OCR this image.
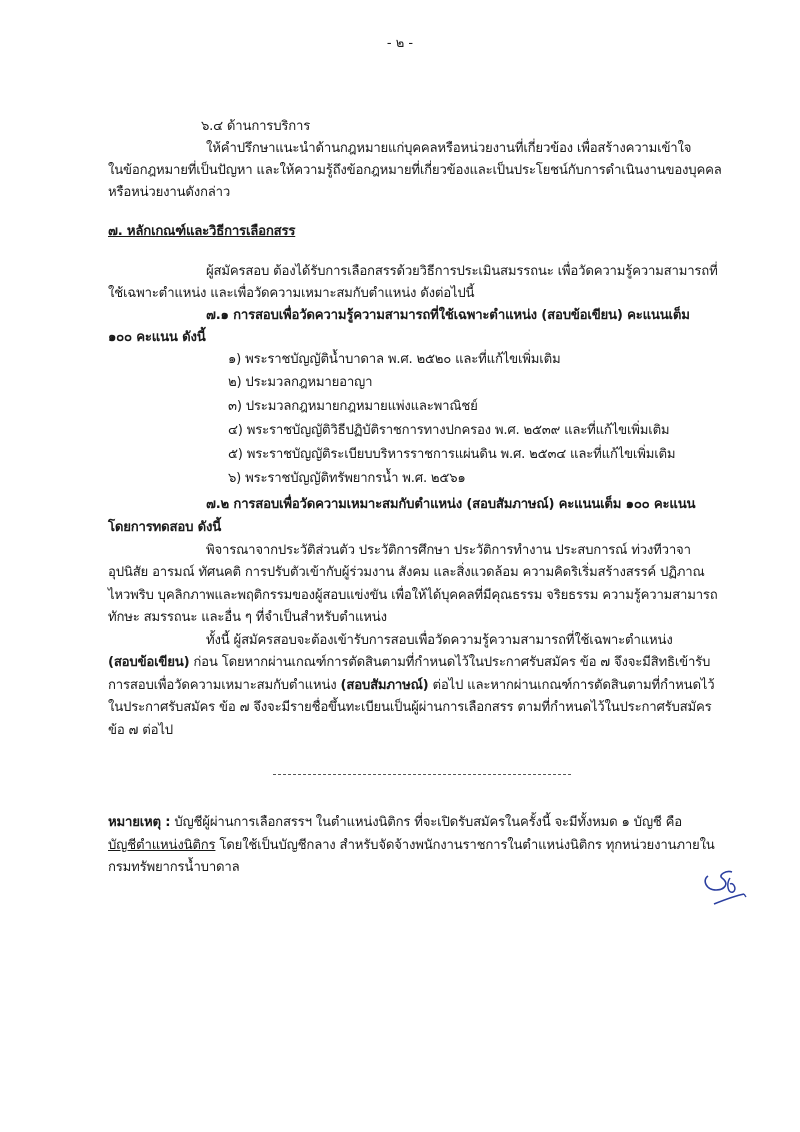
- ๒ -
๖.๔ ด้านการบริการ
ให้คำปรึกษาแนะนำด้านกฎหมายแก่บุคคลหรือหน่วยงานที่เกี่ยวข้อง เพื่อสร้างความเข้าใจ
ในข้อกฎหมายที่เป็นปัญหา และให้ความรู้ถึงข้อกฎหมายที่เกี่ยวข้องและเป็นประโยชน์กับการดำเนินงานของบุคคล
หรือหน่วยงานดังกล่าว
๗. หลักเกณฑ์และวิธีการเลือกสรร
ผู้สมัครสอบ ต้องได้รับการเลือกสรรด้วยวิธีการประเมินสมรรถนะ เพื่อวัดความรู้ความสามารถที่
ใช้เฉพาะตำแหน่ง และเพื่อวัดความเหมาะสมกับตำแหน่ง ดังต่อไปนี้
๗.๑ การสอบเพื่อวัดความรู้ความสามารถที่ใช้เฉพาะตำแหน่ง (สอบข้อเขียน) คะแนนเต็ม
๑๐๐ คะแนน ดังนี้
๑) พระราชบัญญัติน้ำบาดาล พ.ศ. ๒๕๒๐ และที่แก้ไขเพิ่มเติม
๒) ประมวลกฎหมายอาญา
๓) ประมวลกฎหมายกฎหมายแพ่งและพาณิชย์
๔) พระราชบัญญัติวิธีปฏิบัติราชการทางปกครอง พ.ศ. ๒๕๓๙ และที่แก้ไขเพิ่มเติม
๕) พระราชบัญญัติระเบียบบริหารราชการแผ่นดิน พ.ศ. ๒๕๓๔ และที่แก้ไขเพิ่มเติม
๖) พระราชบัญญัติทรัพยากรน้ำ พ.ศ. ๒๕๖๑
๗.๒ การสอบเพื่อวัดความเหมาะสมกับตำแหน่ง (สอบสัมภาษณ์) คะแนนเต็ม ๑๐๐ คะแนน
โดยการทดสอบ ดังนี้
พิจารณาจากประวัติส่วนตัว ประวัติการศึกษา ประวัติการทำงาน ประสบการณ์ ท่วงทีวาจา
อุปนิสัย อารมณ์ ทัศนคติ การปรับตัวเข้ากับผู้ร่วมงาน สังคม และสิ่งแวดล้อม ความคิดริเริ่มสร้างสรรค์ ปฏิภาณ
ไหวพริบ บุคลิกภาพและพฤติกรรมของผู้สอบแข่งขัน เพื่อให้ได้บุคคลที่มีคุณธรรม จริยธรรม ความรู้ความสามารถ
ทักษะ สมรรถนะ และอื่น ๆ ที่จำเป็นสำหรับตำแหน่ง
ทั้งนี้ ผู้สมัครสอบจะต้องเข้ารับการสอบเพื่อวัดความรู้ความสามารถที่ใช้เฉพาะตำแหน่ง
(สอบข้อเขียน) ก่อน โดยหากผ่านเกณฑ์การตัดสินตามที่กำหนดไว้ในประกาศรับสมัคร ข้อ ๗ จึงจะมีสิทธิเข้ารับ
การสอบเพื่อวัดความเหมาะสมกับตำแหน่ง (สอบสัมภาษณ์) ต่อไป และหากผ่านเกณฑ์การตัดสินตามที่กำหนดไว้
ในประกาศรับสมัคร ข้อ ๗ จึงจะมีรายชื่อขึ้นทะเบียนเป็นผู้ผ่านการเลือกสรร ตามที่กำหนดไว้ในประกาศรับสมัคร
ข้อ ๗ ต่อไป
หมายเหตุ : บัญชีผู้ผ่านการเลือกสรรฯ ในตำแหน่งนิติกร ที่จะเปิดรับสมัครในครั้งนี้ จะมีทั้งหมด ๑ บัญชี คือ
บัญชีตำแหน่งนิติกร โดยใช้เป็นบัญชีกลาง สำหรับจัดจ้างพนักงานราชการในตำแหน่งนิติกร ทุกหน่วยงานภายใน
กรมทรัพยากรน้ำบาดาล
